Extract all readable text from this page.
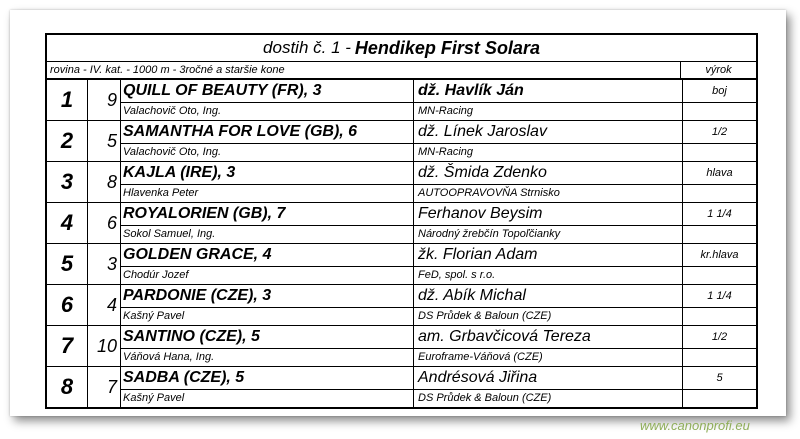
dostih č. 1 - Hendikep First Solara
rovina - IV. kat. - 1000 m - 3ročné a staršie kone	výrok
1	9 QUILL OF BEAUTY (FR), 3	dž. Havlík Ján
Valachovič Oto, Ing.	MN-Racing
boj
2	5 SAMANTHA FOR LOVE (GB), 6	dž. Línek Jaroslav
Valachovič Oto, Ing.	MN-Racing
1/2
3	8 KAJLA (IRE), 3	dž. Šmida Zdenko
Hlavenka Peter	AUTOOPRAVOVŇA Strnisko
hlava
4	6 ROYALORIEN (GB), 7	Ferhanov Beysim
Sokol Samuel, Ing.	Národný žrebčín Topoľčianky
1 1/4
5	3 GOLDEN GRACE, 4	žk. Florian Adam
Chodúr Jozef	FeD, spol. s r.o.
kr.hlava
6	4 PARDONIE (CZE), 3	dž. Abík Michal
Kašný Pavel	DS Průdek & Baloun (CZE)
1 1/4
7	10 SANTINO (CZE), 5	am. Grbavčicová Tereza
Váňová Hana, Ing.	Euroframe-Váňová (CZE)
1/2
8	7 SADBA (CZE), 5	Andrésová Jiřina
Kašný Pavel	DS Průdek & Baloun (CZE)
5
www.canonprofi.eu
